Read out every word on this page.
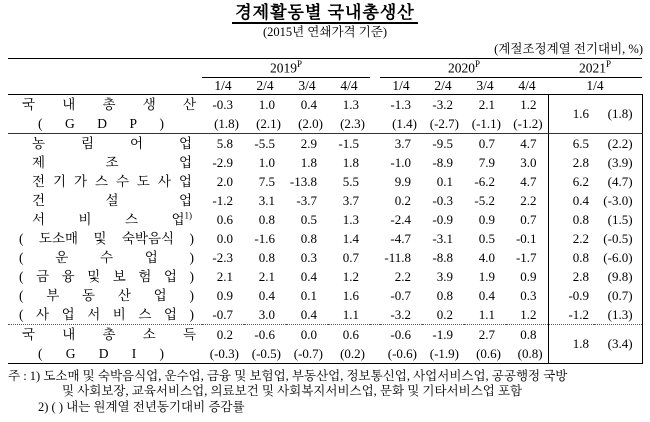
경제활동별 국내총생산
(2015년 연쇄가격 기준)
(계절조정계열 전기대비, %)
	$2019^P$					$2020^P$				$2021^P$
	1/4	2/4	3/4	4/4		1/4	2/4	3/4	4/4	1/4	

국 내 총 생 산	-0.3	1.0	0.4	1.3		-1.3	-3.2	2.1	1.2	1.6	(1.8)

( G D P )	(1.8)	(2.1)	(2.0)	(2.3)		(1.4)	(-2.7)	(-1.1)	(-1.2)		

농 림 어 업	5.8	-5.5	2.9	-1.5		3.7	-9.5	0.7	4.7	6.5	(2.2)

제 조 업	-2.9	1.0	1.8	1.8		-1.0	-8.9	7.9	3.0	2.8	(3.9)

전 기 가 스 수 도 사 업	2.0	7.5	-13.8	5.5		9.9	0.1	-6.2	4.7	6.2	(4.7)

건 설 업	-1.2	3.1	-3.7	3.7		0.2	-0.3	-5.2	2.2	0.4	(-3.0)

서 비 스 업$^{1)}$	0.6	0.8	0.5	1.3		-2.4	-0.9	0.9	0.7	0.8	(1.5)

( 도소매 및 숙박음식 )	0.0	-1.6	0.8	1.4		-4.7	-3.1	0.5	-0.1	2.2	(-0.5)

( 운 수 업 )	-2.3	0.8	0.3	0.7		-11.8	-8.8	4.0	-1.7	0.8	(-6.0)

( 금 융 및 보 험 업 )	2.1	2.1	0.4	1.2		2.2	3.9	1.9	0.9	2.8	(9.8)

( 부 동 산 업 )	0.9	0.4	0.1	1.6		-0.7	0.8	0.4	0.3	-0.9	(0.7)

( 사 업 서 비 스 업 )	-0.7	3.0	0.4	1.1		-3.2	0.2	1.1	1.2	-1.2	(1.3)

국 내 총 소 득	0.2	-0.6	0.0	0.6		-0.6	-1.9	2.7	0.8	1.8	(3.4)

( G D I )	(-0.3)	(-0.5)	(-0.7)	(0.2)		(-0.6)	(-1.9)	(0.6)	(0.8)		
주 : 1) 도소매 및 숙박음식업, 운수업, 금융 및 보험업, 부동산업, 정보통신업, 사업서비스업, 공공행정 국방
및 사회보장, 교육서비스업, 의료보건 및 사회복지서비스업, 문화 및 기타서비스업 포함
2) ( ) 내는 원계열 전년동기대비 증감률
